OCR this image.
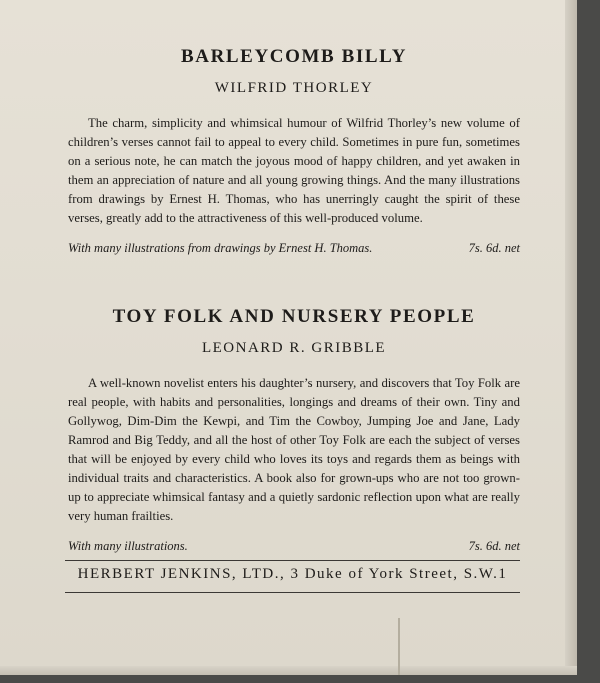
BARLEYCOMB BILLY
WILFRID THORLEY

The charm, simplicity and whimsical humour of Wilfrid Thorley’s new volume of children’s verses cannot fail to appeal to every child. Sometimes in pure fun, sometimes on a serious note, he can match the joyous mood of happy children, and yet awaken in them an appreciation of nature and all young growing things. And the many illustrations from drawings by Ernest H. Thomas, who has unerringly caught the spirit of these verses, greatly add to the attractiveness of this well-produced volume.

With many illustrations from drawings by Ernest H. Thomas.	7s. 6d. net
TOY FOLK AND NURSERY PEOPLE
LEONARD R. GRIBBLE

A well-known novelist enters his daughter’s nursery, and discovers that Toy Folk are real people, with habits and personalities, longings and dreams of their own. Tiny and Gollywog, Dim-Dim the Kewpi, and Tim the Cowboy, Jumping Joe and Jane, Lady Ramrod and Big Teddy, and all the host of other Toy Folk are each the subject of verses that will be enjoyed by every child who loves its toys and regards them as beings with individual traits and characteristics. A book also for grown-ups who are not too grown-up to appreciate whimsical fantasy and a quietly sardonic reflection upon what are really very human frailties.

With many illustrations.	7s. 6d. net
HERBERT JENKINS, LTD., 3 Duke of York Street, S.W.1
